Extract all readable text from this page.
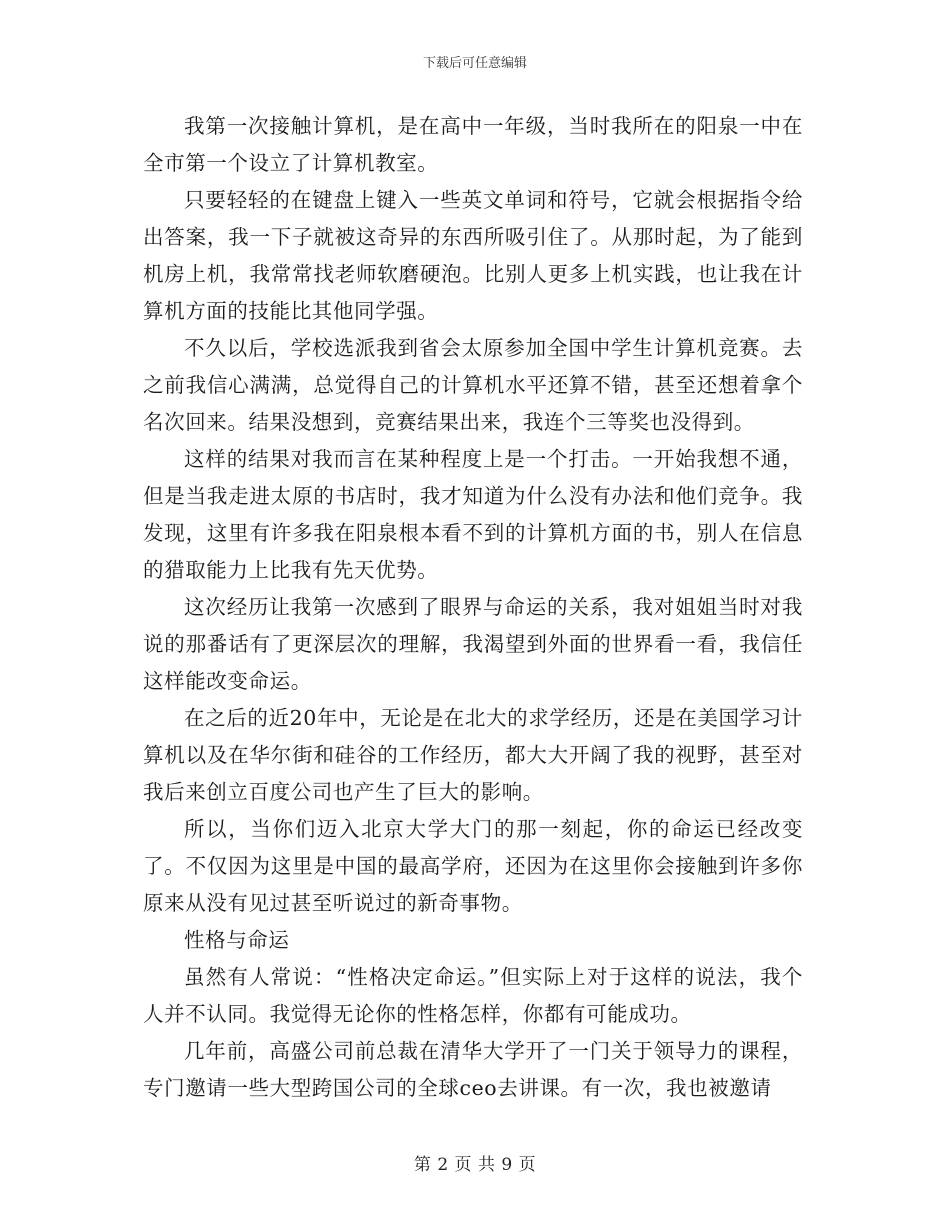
下载后可任意编辑

我第一次接触计算机，是在高中一年级，当时我所在的阳泉一中在全市第一个设立了计算机教室。

只要轻轻的在键盘上键入一些英文单词和符号，它就会根据指令给出答案，我一下子就被这奇异的东西所吸引住了。从那时起，为了能到机房上机，我常常找老师软磨硬泡。比别人更多上机实践，也让我在计算机方面的技能比其他同学强。

不久以后，学校选派我到省会太原参加全国中学生计算机竞赛。去之前我信心满满，总觉得自己的计算机水平还算不错，甚至还想着拿个名次回来。结果没想到，竞赛结果出来，我连个三等奖也没得到。

这样的结果对我而言在某种程度上是一个打击。一开始我想不通，但是当我走进太原的书店时，我才知道为什么没有办法和他们竞争。我发现，这里有许多我在阳泉根本看不到的计算机方面的书，别人在信息的猎取能力上比我有先天优势。

这次经历让我第一次感到了眼界与命运的关系，我对姐姐当时对我说的那番话有了更深层次的理解，我渴望到外面的世界看一看，我信任这样能改变命运。

在之后的近20年中，无论是在北大的求学经历，还是在美国学习计算机以及在华尔街和硅谷的工作经历，都大大开阔了我的视野，甚至对我后来创立百度公司也产生了巨大的影响。

所以，当你们迈入北京大学大门的那一刻起，你的命运已经改变了。不仅因为这里是中国的最高学府，还因为在这里你会接触到许多你原来从没有见过甚至听说过的新奇事物。

性格与命运

虽然有人常说：“性格决定命运。”但实际上对于这样的说法，我个人并不认同。我觉得无论你的性格怎样，你都有可能成功。

几年前，高盛公司前总裁在清华大学开了一门关于领导力的课程，专门邀请一些大型跨国公司的全球ceo去讲课。有一次，我也被邀请

第 2 页 共 9 页
